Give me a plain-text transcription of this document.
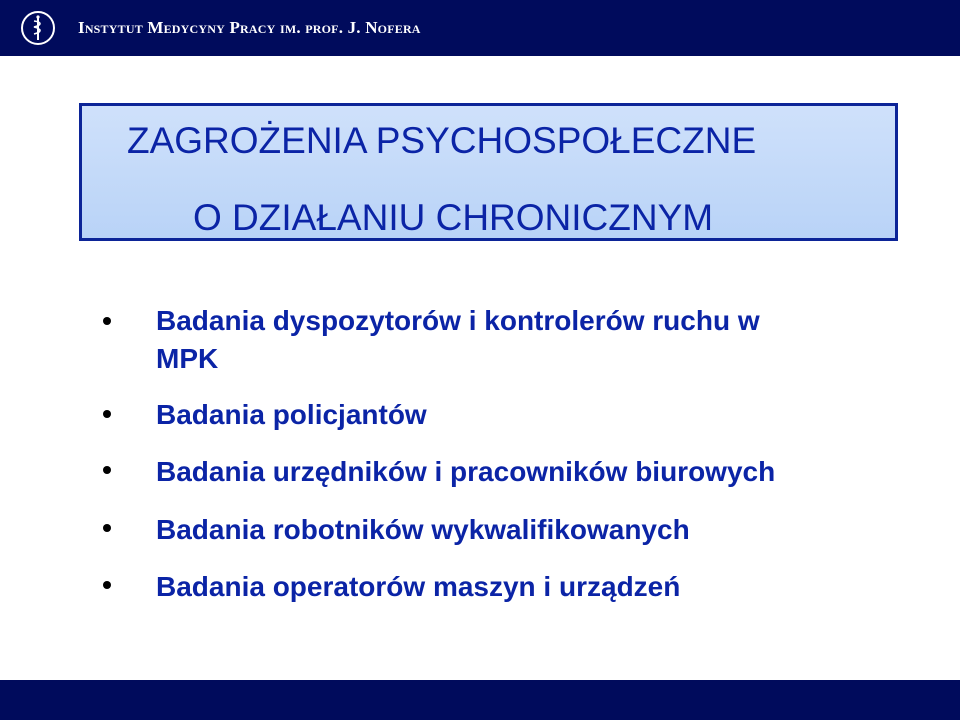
Instytut Medycyny Pracy im. prof. J. Nofera
ZAGROŻENIA PSYCHOSPOŁECZNE
O DZIAŁANIU CHRONICZNYM
Badania dyspozytorów i kontrolerów ruchu w
MPK
Badania policjantów
Badania urzędników i pracowników biurowych
Badania robotników wykwalifikowanych
Badania operatorów maszyn i urządzeń
